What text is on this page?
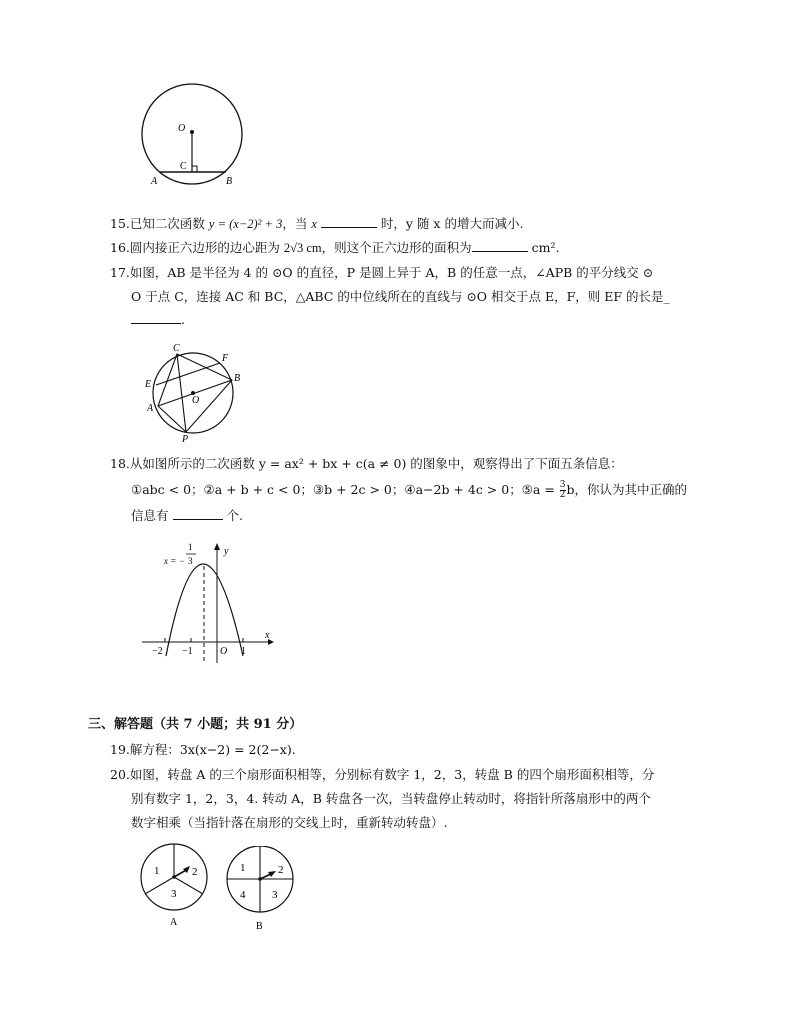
O
C
A	B
15.已知二次函数 y = (x−2)² + 3，当 x	时，y 随 x 的增大而减小.
16.圆内接正六边形的边心距为 2√3 cm，则这个正六边形的面积为	cm².
17.如图，AB 是半径为 4 的 ⊙O 的直径，P 是圆上异于 A，B 的任意一点，∠APB 的平分线交 ⊙
O 于点 C，连接 AC 和 BC，△ABC 的中位线所在的直线与 ⊙O 相交于点 E，F，则 EF 的长是_
.
C
F
B
E
O
A
P
18.从如图所示的二次函数 y = ax² + bx + c(a ≠ 0) 的图象中，观察得出了下面五条信息：
①abc < 0；②a + b + c < 0；③b + 2c > 0；④a−2b + 4c > 0；⑤a = $\frac{3}{2}$ b，你认为其中正确的
信息有	个.
x = −
1
3
y
x
−2 −1	O 1
三、解答题（共 7 小题；共 91 分）
19.解方程：3x(x−2) = 2(2−x).
20.如图，转盘 A 的三个扇形面积相等，分别标有数字 1，2，3，转盘 B 的四个扇形面积相等，分
别有数字 1，2，3，4. 转动 A，B 转盘各一次，当转盘停止转动时，将指针所落扇形中的两个
数字相乘（当指针落在扇形的交线上时，重新转动转盘）.
1	2
3
A
1	2
3
4
B
